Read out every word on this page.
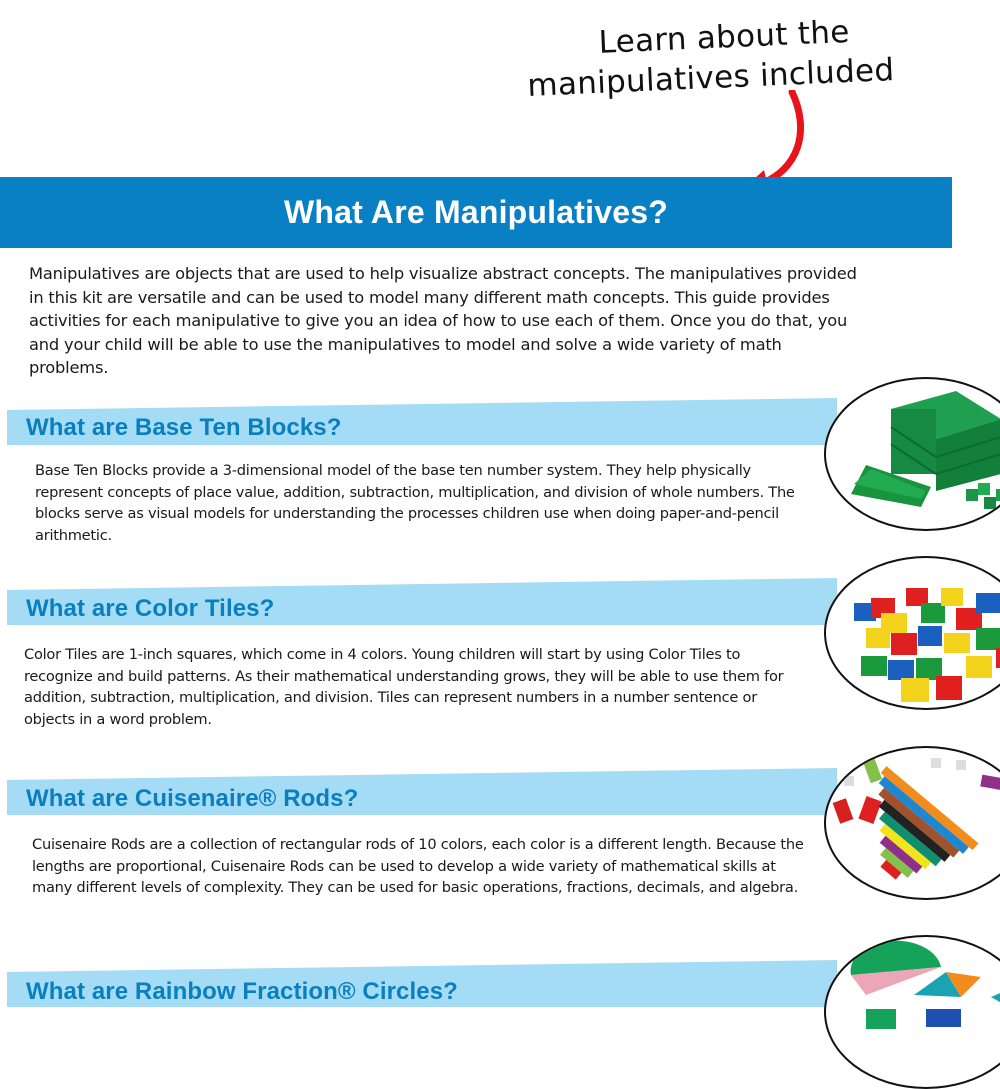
Learn about the
manipulatives included
What Are Manipulatives?

Manipulatives are objects that are used to help visualize abstract concepts. The manipulatives provided in this kit are versatile and can be used to model many different math concepts. This guide provides activities for each manipulative to give you an idea of how to use each of them. Once you do that, you and your child will be able to use the manipulatives to model and solve a wide variety of math problems.

What are Base Ten Blocks?

Base Ten Blocks provide a 3-dimensional model of the base ten number system. They help physically represent concepts of place value, addition, subtraction, multiplication, and division of whole numbers. The blocks serve as visual models for understanding the processes children use when doing paper-and-pencil arithmetic.

What are Color Tiles?

Color Tiles are 1-inch squares, which come in 4 colors. Young children will start by using Color Tiles to recognize and build patterns. As their mathematical understanding grows, they will be able to use them for addition, subtraction, multiplication, and division. Tiles can represent numbers in a number sentence or objects in a word problem.

What are Cuisenaire® Rods?

Cuisenaire Rods are a collection of rectangular rods of 10 colors, each color is a different length. Because the lengths are proportional, Cuisenaire Rods can be used to develop a wide variety of mathematical skills at many different levels of complexity. They can be used for basic operations, fractions, decimals, and algebra.

What are Rainbow Fraction® Circles?
